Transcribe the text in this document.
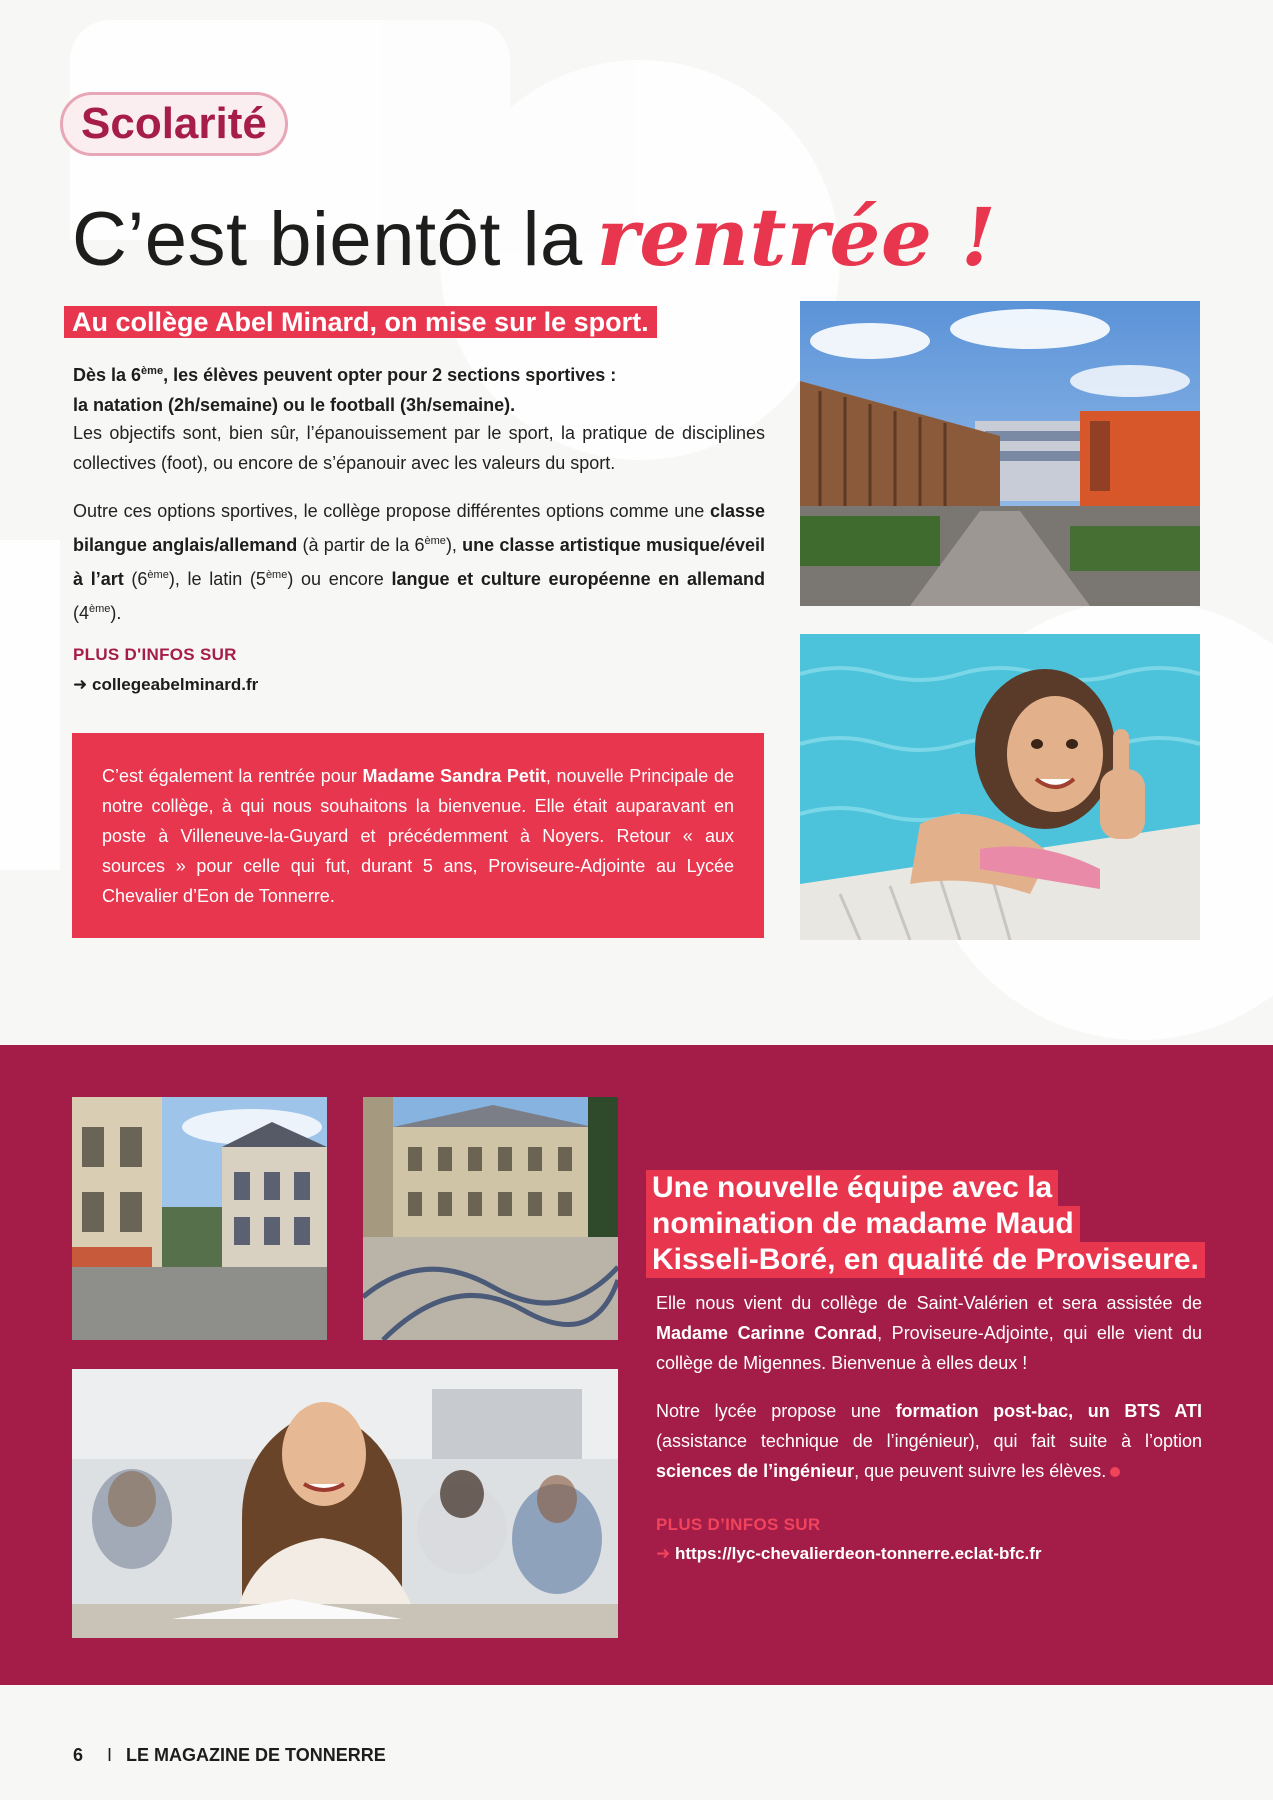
Scolarité
C’est bientôt la rentrée !
Au collège Abel Minard, on mise sur le sport.
Dès la 6ème, les élèves peuvent opter pour 2 sections sportives :
la natation (2h/semaine) ou le football (3h/semaine).
Les objectifs sont, bien sûr, l’épanouissement par le sport, la pratique de disciplines collectives (foot), ou encore de s’épanouir avec les valeurs du sport.
Outre ces options sportives, le collège propose différentes options comme une classe bilangue anglais/allemand (à partir de la 6ème), une classe artistique musique/éveil à l’art (6ème), le latin (5ème) ou encore langue et culture européenne en allemand (4ème).
PLUS D'INFOS SUR
➜ collegeabelminard.fr
C’est également la rentrée pour Madame Sandra Petit, nouvelle Principale de notre collège, à qui nous souhaitons la bienvenue. Elle était auparavant en poste à Villeneuve-la-Guyard et précédemment à Noyers. Retour « aux sources » pour celle qui fut, durant 5 ans, Proviseure-Adjointe au Lycée Chevalier d’Eon de Tonnerre.
Une nouvelle équipe avec la
nomination de madame Maud
Kisseli-Boré, en qualité de Proviseure.
Elle nous vient du collège de Saint-Valérien et sera assistée de Madame Carinne Conrad, Proviseure-Adjointe, qui elle vient du collège de Migennes. Bienvenue à elles deux !
Notre lycée propose une formation post-bac, un BTS ATI (assistance technique de l’ingénieur), qui fait suite à l’option sciences de l’ingénieur, que peuvent suivre les élèves.
PLUS D’INFOS SUR
➜ https://lyc-chevalierdeon-tonnerre.eclat-bfc.fr
6 I LE MAGAZINE DE TONNERRE
